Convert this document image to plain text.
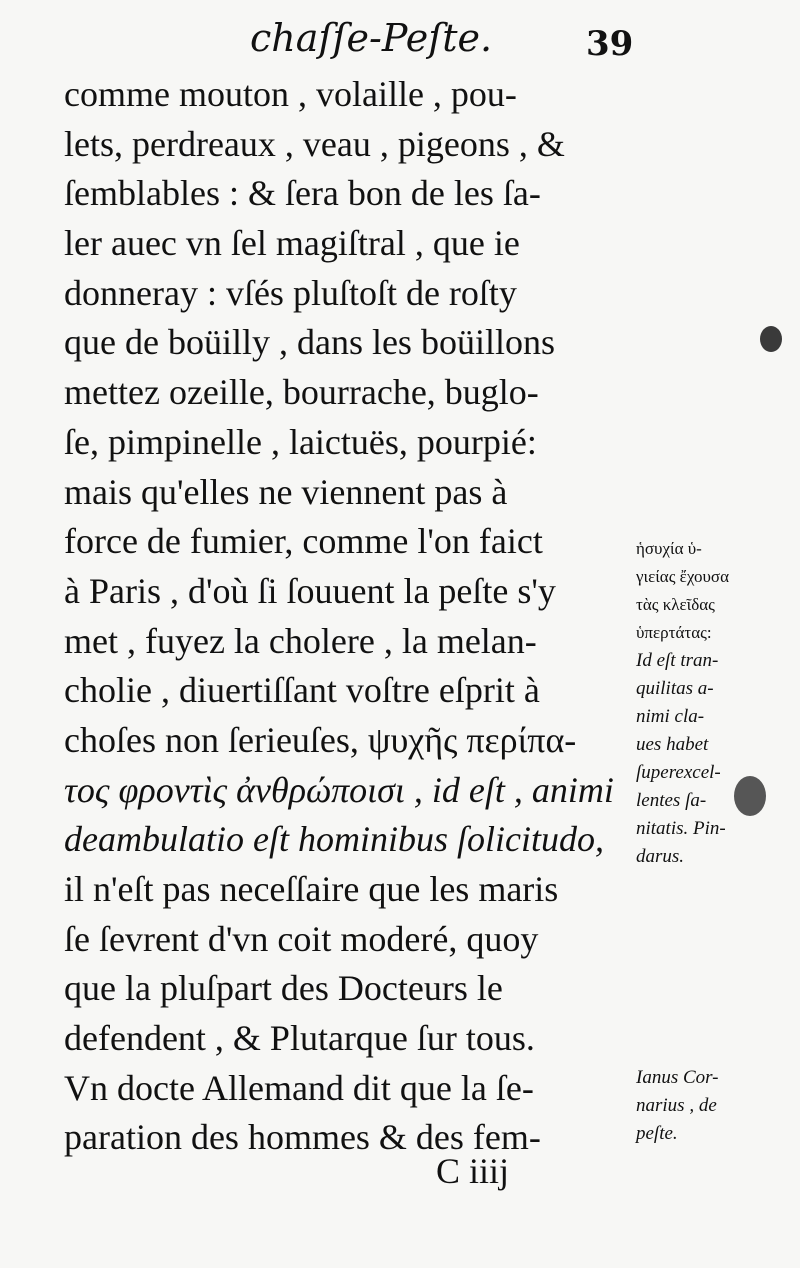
chaſſe-Peſte.	39
comme mouton , volaille , pou-
lets, perdreaux , veau , pigeons , &
ſemblables : & ſera bon de les ſa-
ler auec vn ſel magiſtral , que ie
donneray : vſés pluſtoſt de roſty
que de boüilly , dans les boüillons
mettez ozeille, bourrache, buglo-
ſe, pimpinelle , laictuës, pourpié:
mais qu'elles ne viennent pas à
force de fumier, comme l'on faict
à Paris , d'où ſi ſouuent la peſte s'y
met , fuyez la cholere , la melan-
cholie , diuertiſſant voſtre eſprit à
choſes non ſerieuſes, ψυχῆς περίπα-
τος φροντὶς ἀνθρώποισι , id eſt , animi
deambulatio eſt hominibus ſolicitudo,
il n'eſt pas neceſſaire que les maris
ſe ſevrent d'vn coit moderé, quoy
que la pluſpart des Docteurs le
defendent , & Plutarque ſur tous.
Vn docte Allemand dit que la ſe-
paration des hommes & des fem-
ἡσυχία ὑ-
γιείας ἔχουσα
τὰς κλεῖδας
ὑπερτάτας:
Id eſt tran-
quilitas a-
nimi cla-
ues habet
ſuperexcel-
lentes ſa-
nitatis. Pin-
darus.
Ianus Cor-
narius , de
peſte.
C iiij
